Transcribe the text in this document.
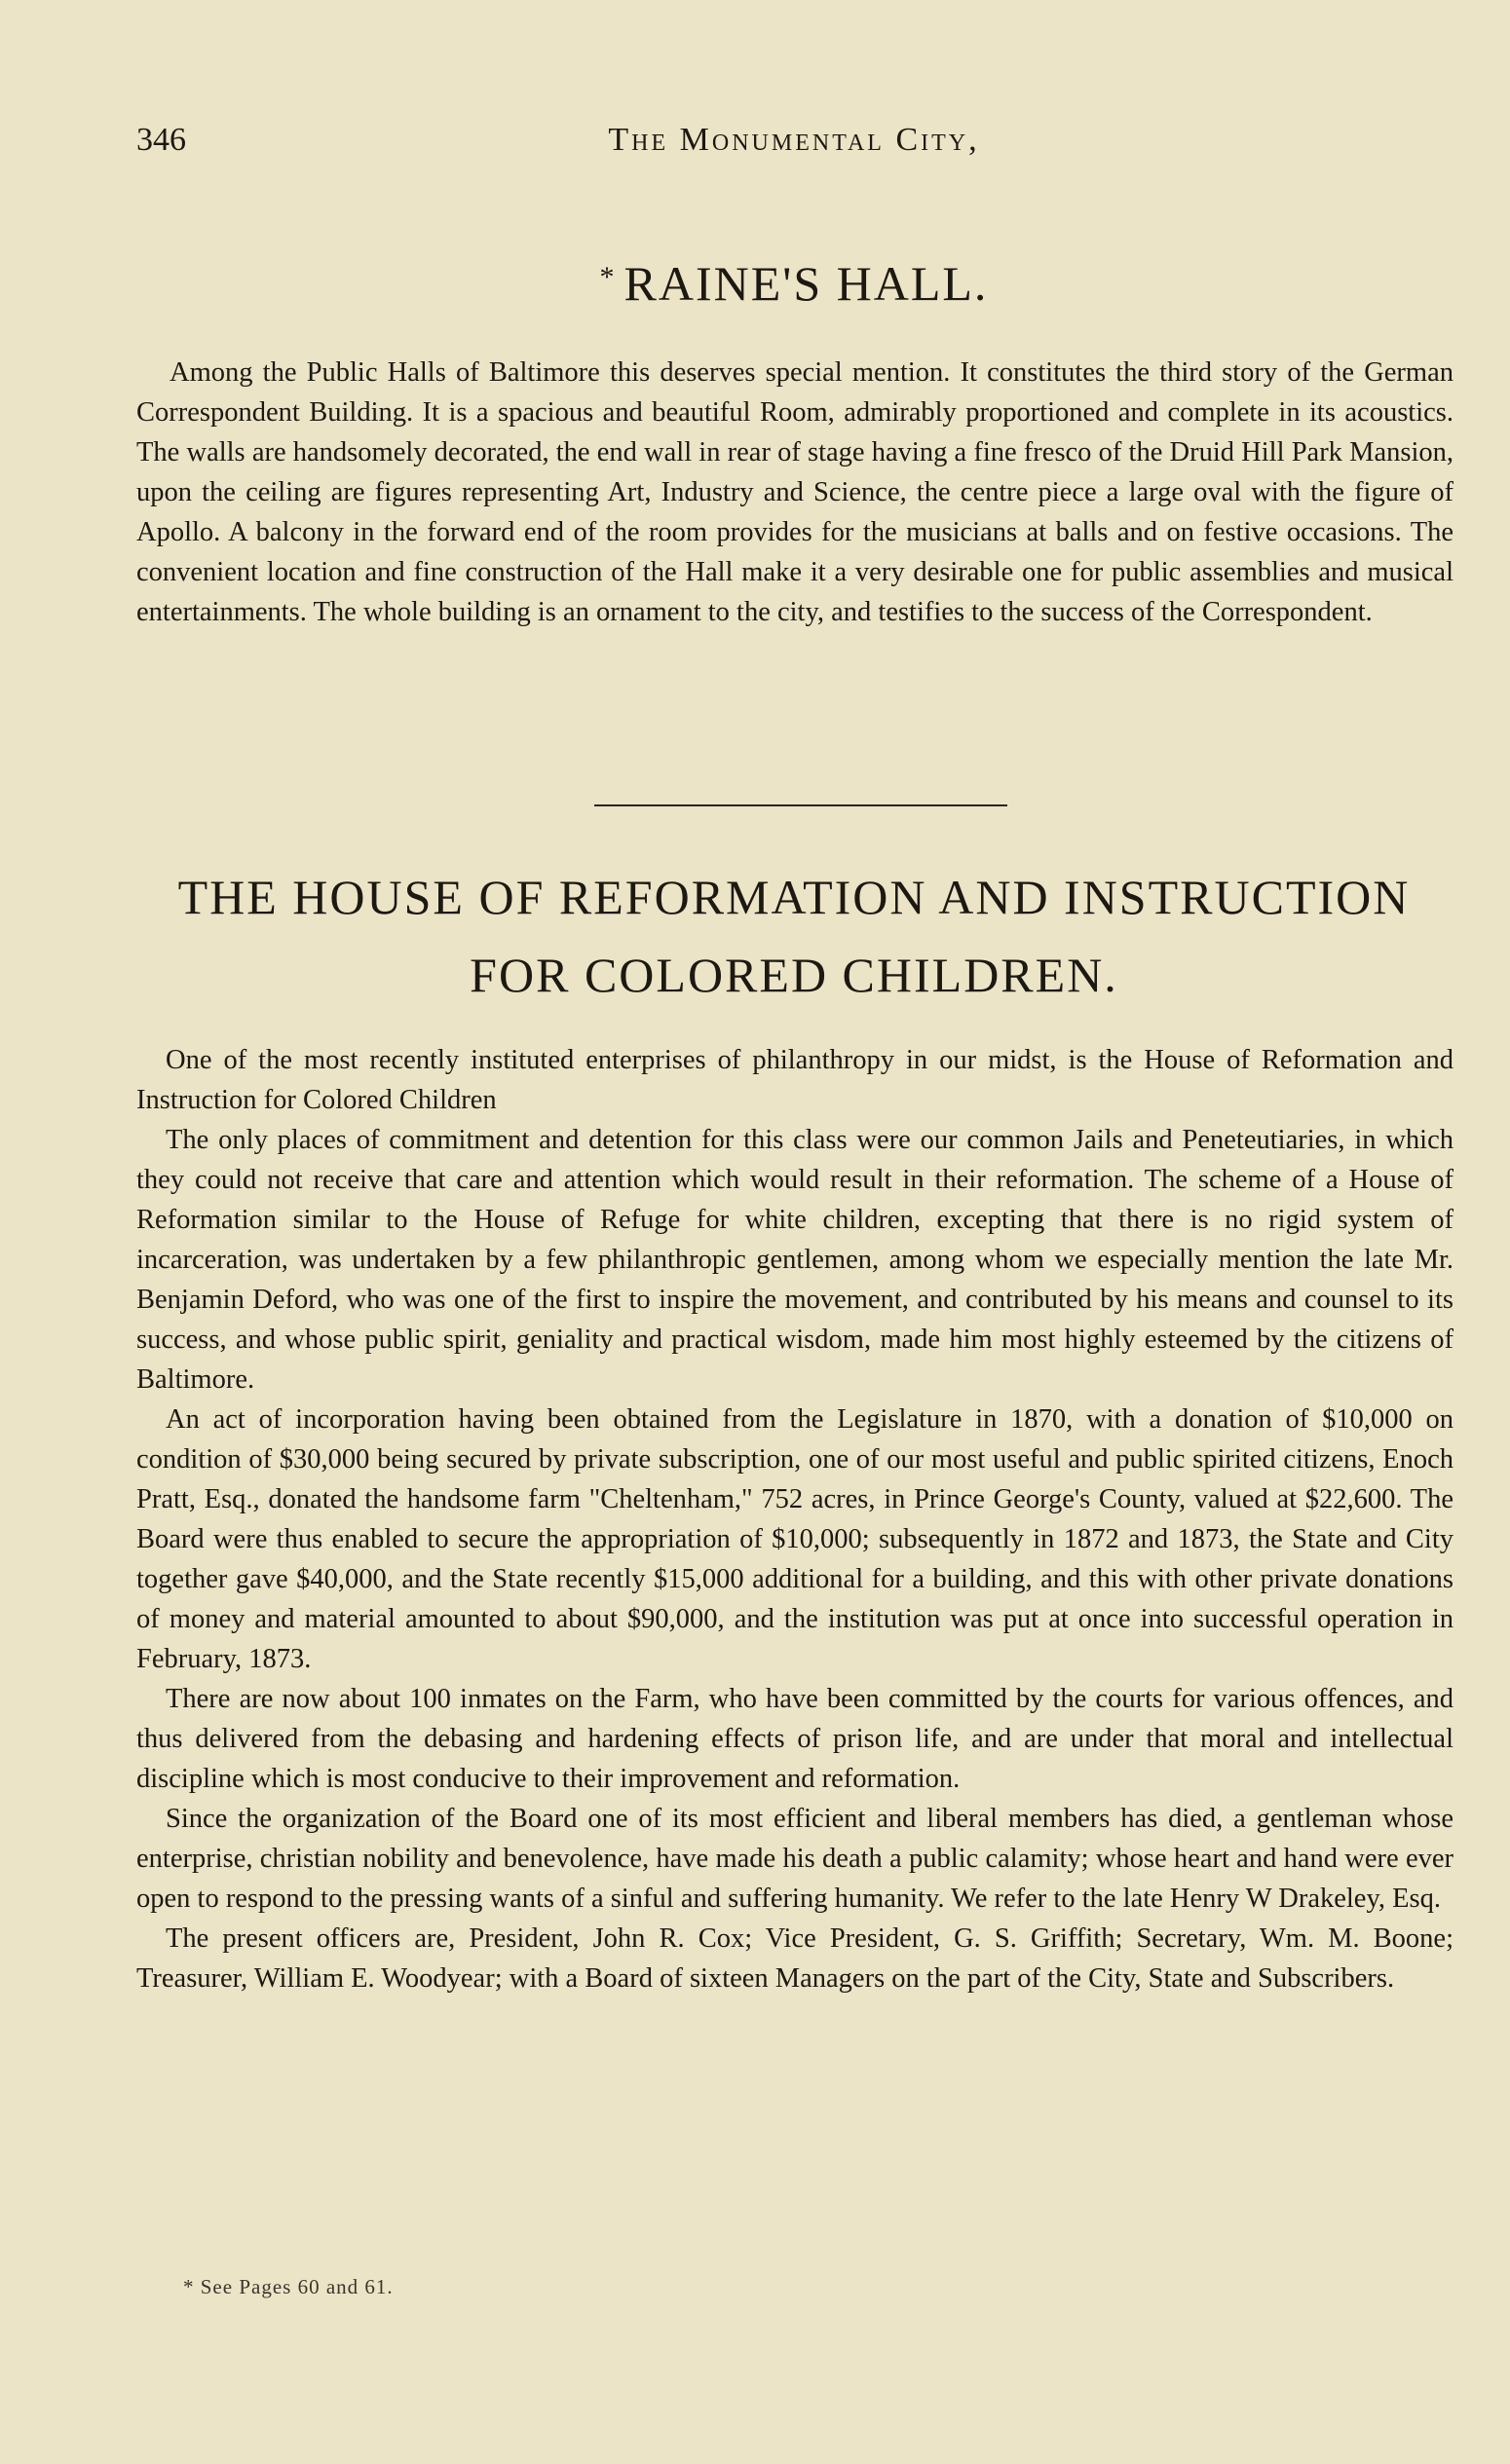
346	The Monumental City,
* RAINE'S HALL.

Among the Public Halls of Baltimore this deserves special mention. It constitutes the third story of the German Correspondent Building. It is a spacious and beautiful Room, admirably proportioned and complete in its acoustics. The walls are handsomely decorated, the end wall in rear of stage having a fine fresco of the Druid Hill Park Mansion, upon the ceiling are figures representing Art, Industry and Science, the centre piece a large oval with the figure of Apollo. A balcony in the forward end of the room provides for the musicians at balls and on festive occasions. The convenient location and fine construction of the Hall make it a very desirable one for public assemblies and musical entertainments. The whole building is an ornament to the city, and testifies to the success of the Correspondent.

THE HOUSE OF REFORMATION AND INSTRUCTION
FOR COLORED CHILDREN.

One of the most recently instituted enterprises of philanthropy in our midst, is the House of Reformation and Instruction for Colored Children

The only places of commitment and detention for this class were our common Jails and Peneteutiaries, in which they could not receive that care and attention which would result in their reformation. The scheme of a House of Reformation similar to the House of Refuge for white children, excepting that there is no rigid system of incarceration, was undertaken by a few philanthropic gentlemen, among whom we especially mention the late Mr. Benjamin Deford, who was one of the first to inspire the movement, and contributed by his means and counsel to its success, and whose public spirit, geniality and practical wisdom, made him most highly esteemed by the citizens of Baltimore.

An act of incorporation having been obtained from the Legislature in 1870, with a donation of $10,000 on condition of $30,000 being secured by private subscription, one of our most useful and public spirited citizens, Enoch Pratt, Esq., donated the handsome farm "Cheltenham," 752 acres, in Prince George's County, valued at $22,600. The Board were thus enabled to secure the appropriation of $10,000; subsequently in 1872 and 1873, the State and City together gave $40,000, and the State recently $15,000 additional for a building, and this with other private donations of money and material amounted to about $90,000, and the institution was put at once into successful operation in February, 1873.

There are now about 100 inmates on the Farm, who have been committed by the courts for various offences, and thus delivered from the debasing and hardening effects of prison life, and are under that moral and intellectual discipline which is most conducive to their improvement and reformation.

Since the organization of the Board one of its most efficient and liberal members has died, a gentleman whose enterprise, christian nobility and benevolence, have made his death a public calamity; whose heart and hand were ever open to respond to the pressing wants of a sinful and suffering humanity. We refer to the late Henry W Drakeley, Esq.

The present officers are, President, John R. Cox; Vice President, G. S. Griffith; Secretary, Wm. M. Boone; Treasurer, William E. Woodyear; with a Board of sixteen Managers on the part of the City, State and Subscribers.

* See Pages 60 and 61.
